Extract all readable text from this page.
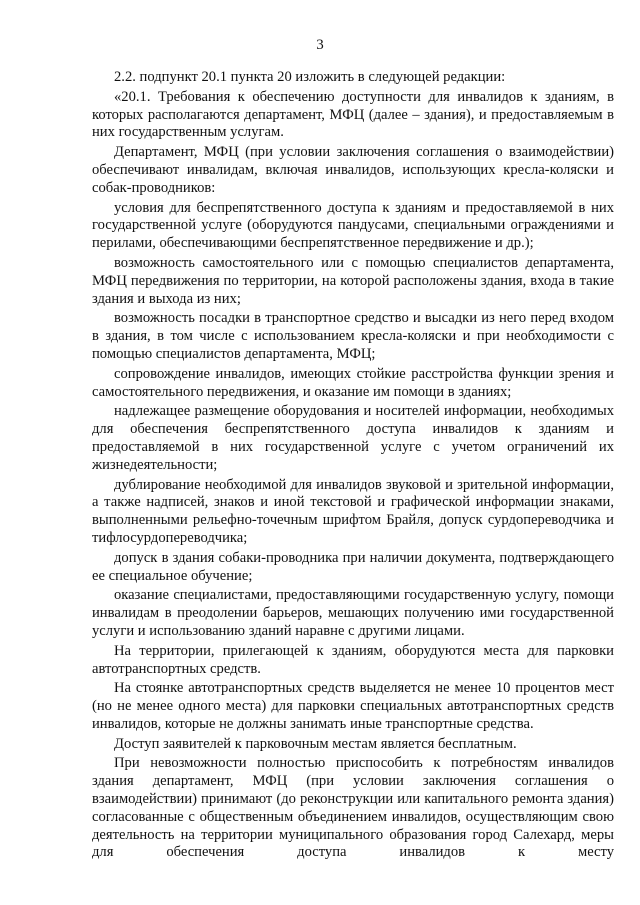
3

2.2. подпункт 20.1 пункта 20 изложить в следующей редакции:

«20.1. Требования к обеспечению доступности для инвалидов к зданиям, в которых располагаются департамент, МФЦ (далее – здания), и предоставляемым в них государственным услугам.

Департамент, МФЦ (при условии заключения соглашения о взаимодействии) обеспечивают инвалидам, включая инвалидов, использующих кресла-коляски и собак-проводников:

условия для беспрепятственного доступа к зданиям и предоставляемой в них государственной услуге (оборудуются пандусами, специальными ограждениями и перилами, обеспечивающими беспрепятственное передвижение и др.);

возможность самостоятельного или с помощью специалистов департамента, МФЦ передвижения по территории, на которой расположены здания, входа в такие здания и выхода из них;

возможность посадки в транспортное средство и высадки из него перед входом в здания, в том числе с использованием кресла-коляски и при необходимости с помощью специалистов департамента, МФЦ;

сопровождение инвалидов, имеющих стойкие расстройства функции зрения и самостоятельного передвижения, и оказание им помощи в зданиях;

надлежащее размещение оборудования и носителей информации, необходимых для обеспечения беспрепятственного доступа инвалидов к зданиям и предоставляемой в них государственной услуге с учетом ограничений их жизнедеятельности;

дублирование необходимой для инвалидов звуковой и зрительной информации, а также надписей, знаков и иной текстовой и графической информации знаками, выполненными рельефно-точечным шрифтом Брайля, допуск сурдопереводчика и тифлосурдопереводчика;

допуск в здания собаки-проводника при наличии документа, подтверждающего ее специальное обучение;

оказание специалистами, предоставляющими государственную услугу, помощи инвалидам в преодолении барьеров, мешающих получению ими государственной услуги и использованию зданий наравне с другими лицами.

На территории, прилегающей к зданиям, оборудуются места для парковки автотранспортных средств.

На стоянке автотранспортных средств выделяется не менее 10 процентов мест (но не менее одного места) для парковки специальных автотранспортных средств инвалидов, которые не должны занимать иные транспортные средства.

Доступ заявителей к парковочным местам является бесплатным.

При невозможности полностью приспособить к потребностям инвалидов здания департамент, МФЦ (при условии заключения соглашения о взаимодействии) принимают (до реконструкции или капитального ремонта здания) согласованные с общественным объединением инвалидов, осуществляющим свою деятельность на территории муниципального образования город Салехард, меры для обеспечения доступа инвалидов к месту
